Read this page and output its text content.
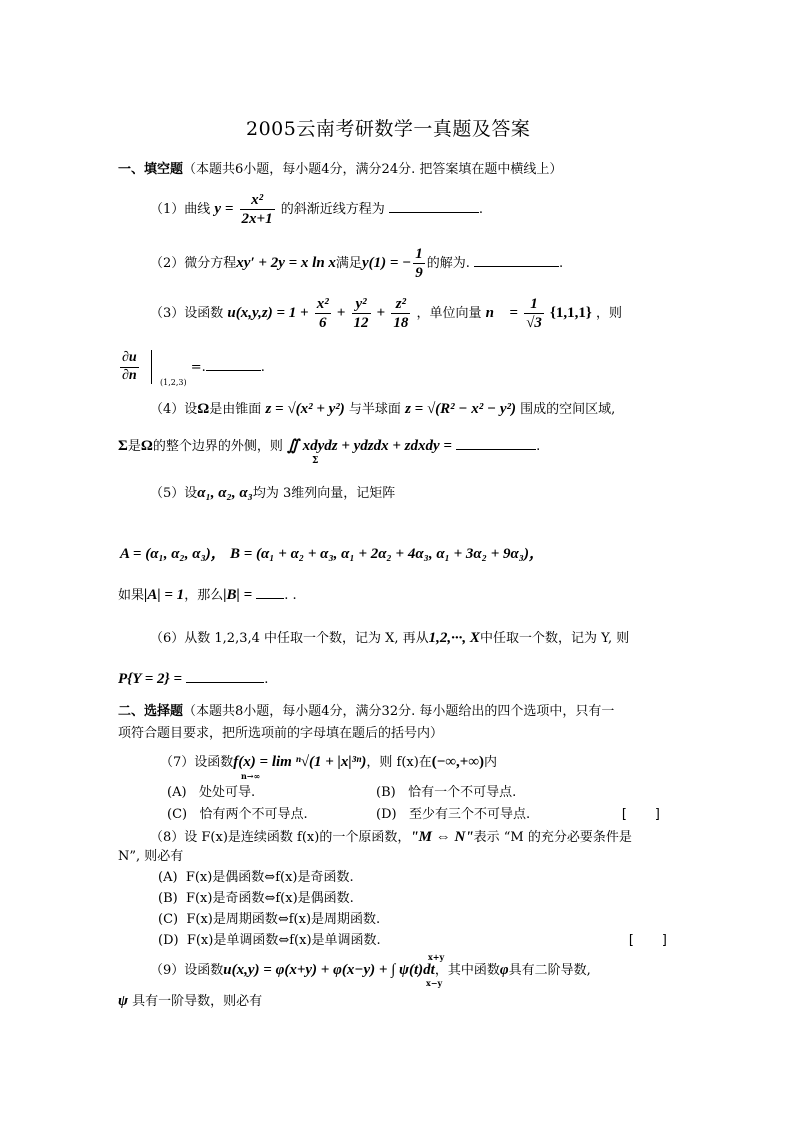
2005云南考研数学一真题及答案
一、填空题（本题共6小题，每小题4分，满分24分. 把答案填在题中横线上）
（1）曲线 $y = \frac{\text{x²}}{2x+1}$ 的斜渐近线方程为	.
（2）微分方程xy′ + 2y = x ln x满足y(1) = − $\frac{1}{9}$ 的解为.	.
（3）设函数 $u(x,y,z) = 1 + \frac{\text{x²}}{6} + \frac{\text{y²}}{12} + \frac{\text{z²}}{18}$ ，单位向量 n⃗ = $\frac{1}{√3} \{1,1,1\}$ ，则
$\frac{\partial u}{\partial n}$	$_{(1,2,3)}$ =.	.
（4）设Ω是由锥面 z = √(x² + y²) 与半球面 z = √(R² − x² − y²) 围成的空间区域,
Σ是Ω的整个边界的外侧，则 ∬ xdydz + ydzdx + zdxdy =	.
Σ
（5）设α₁, α₂, α₃均为 3维列向量，记矩阵
A = (α₁, α₂, α₃)， B = (α₁ + α₂ + α₃, α₁ + 2α₂ + 4α₃, α₁ + 3α₂ + 9α₃)，
如果|A| = 1，那么|B| = . .
（6）从数 1,2,3,4 中任取一个数，记为 X, 再从1,2,···, X中任取一个数，记为 Y, 则
P{Y = 2} =	.
二、选择题（本题共8小题，每小题4分，满分32分. 每小题给出的四个选项中，只有一
项符合题目要求，把所选项前的字母填在题后的括号内）
（7）设函数f(x) = lim ⁿ√(1 + |x|³ⁿ)，则 f(x)在(−∞,+∞)内
n→∞
(A) 处处可导.	(B) 恰有一个不可导点.
(C) 恰有两个不可导点.	(D) 至少有三个不可导点.	[　　]
（8）设 F(x)是连续函数 f(x)的一个原函数，"M ⇔ N"表示 “M 的充分必要条件是
N”, 则必有
(A) F(x)是偶函数⇔f(x)是奇函数.
(B) F(x)是奇函数⇔f(x)是偶函数.
(C) F(x)是周期函数⇔f(x)是周期函数.
(D) F(x)是单调函数⇔f(x)是单调函数.	[　　]
（9）设函数u(x,y) = φ(x+y) + φ(x−y) + ∫ ψ(t)dt，其中函数φ具有二阶导数,
x+y
x−y
ψ 具有一阶导数，则必有
